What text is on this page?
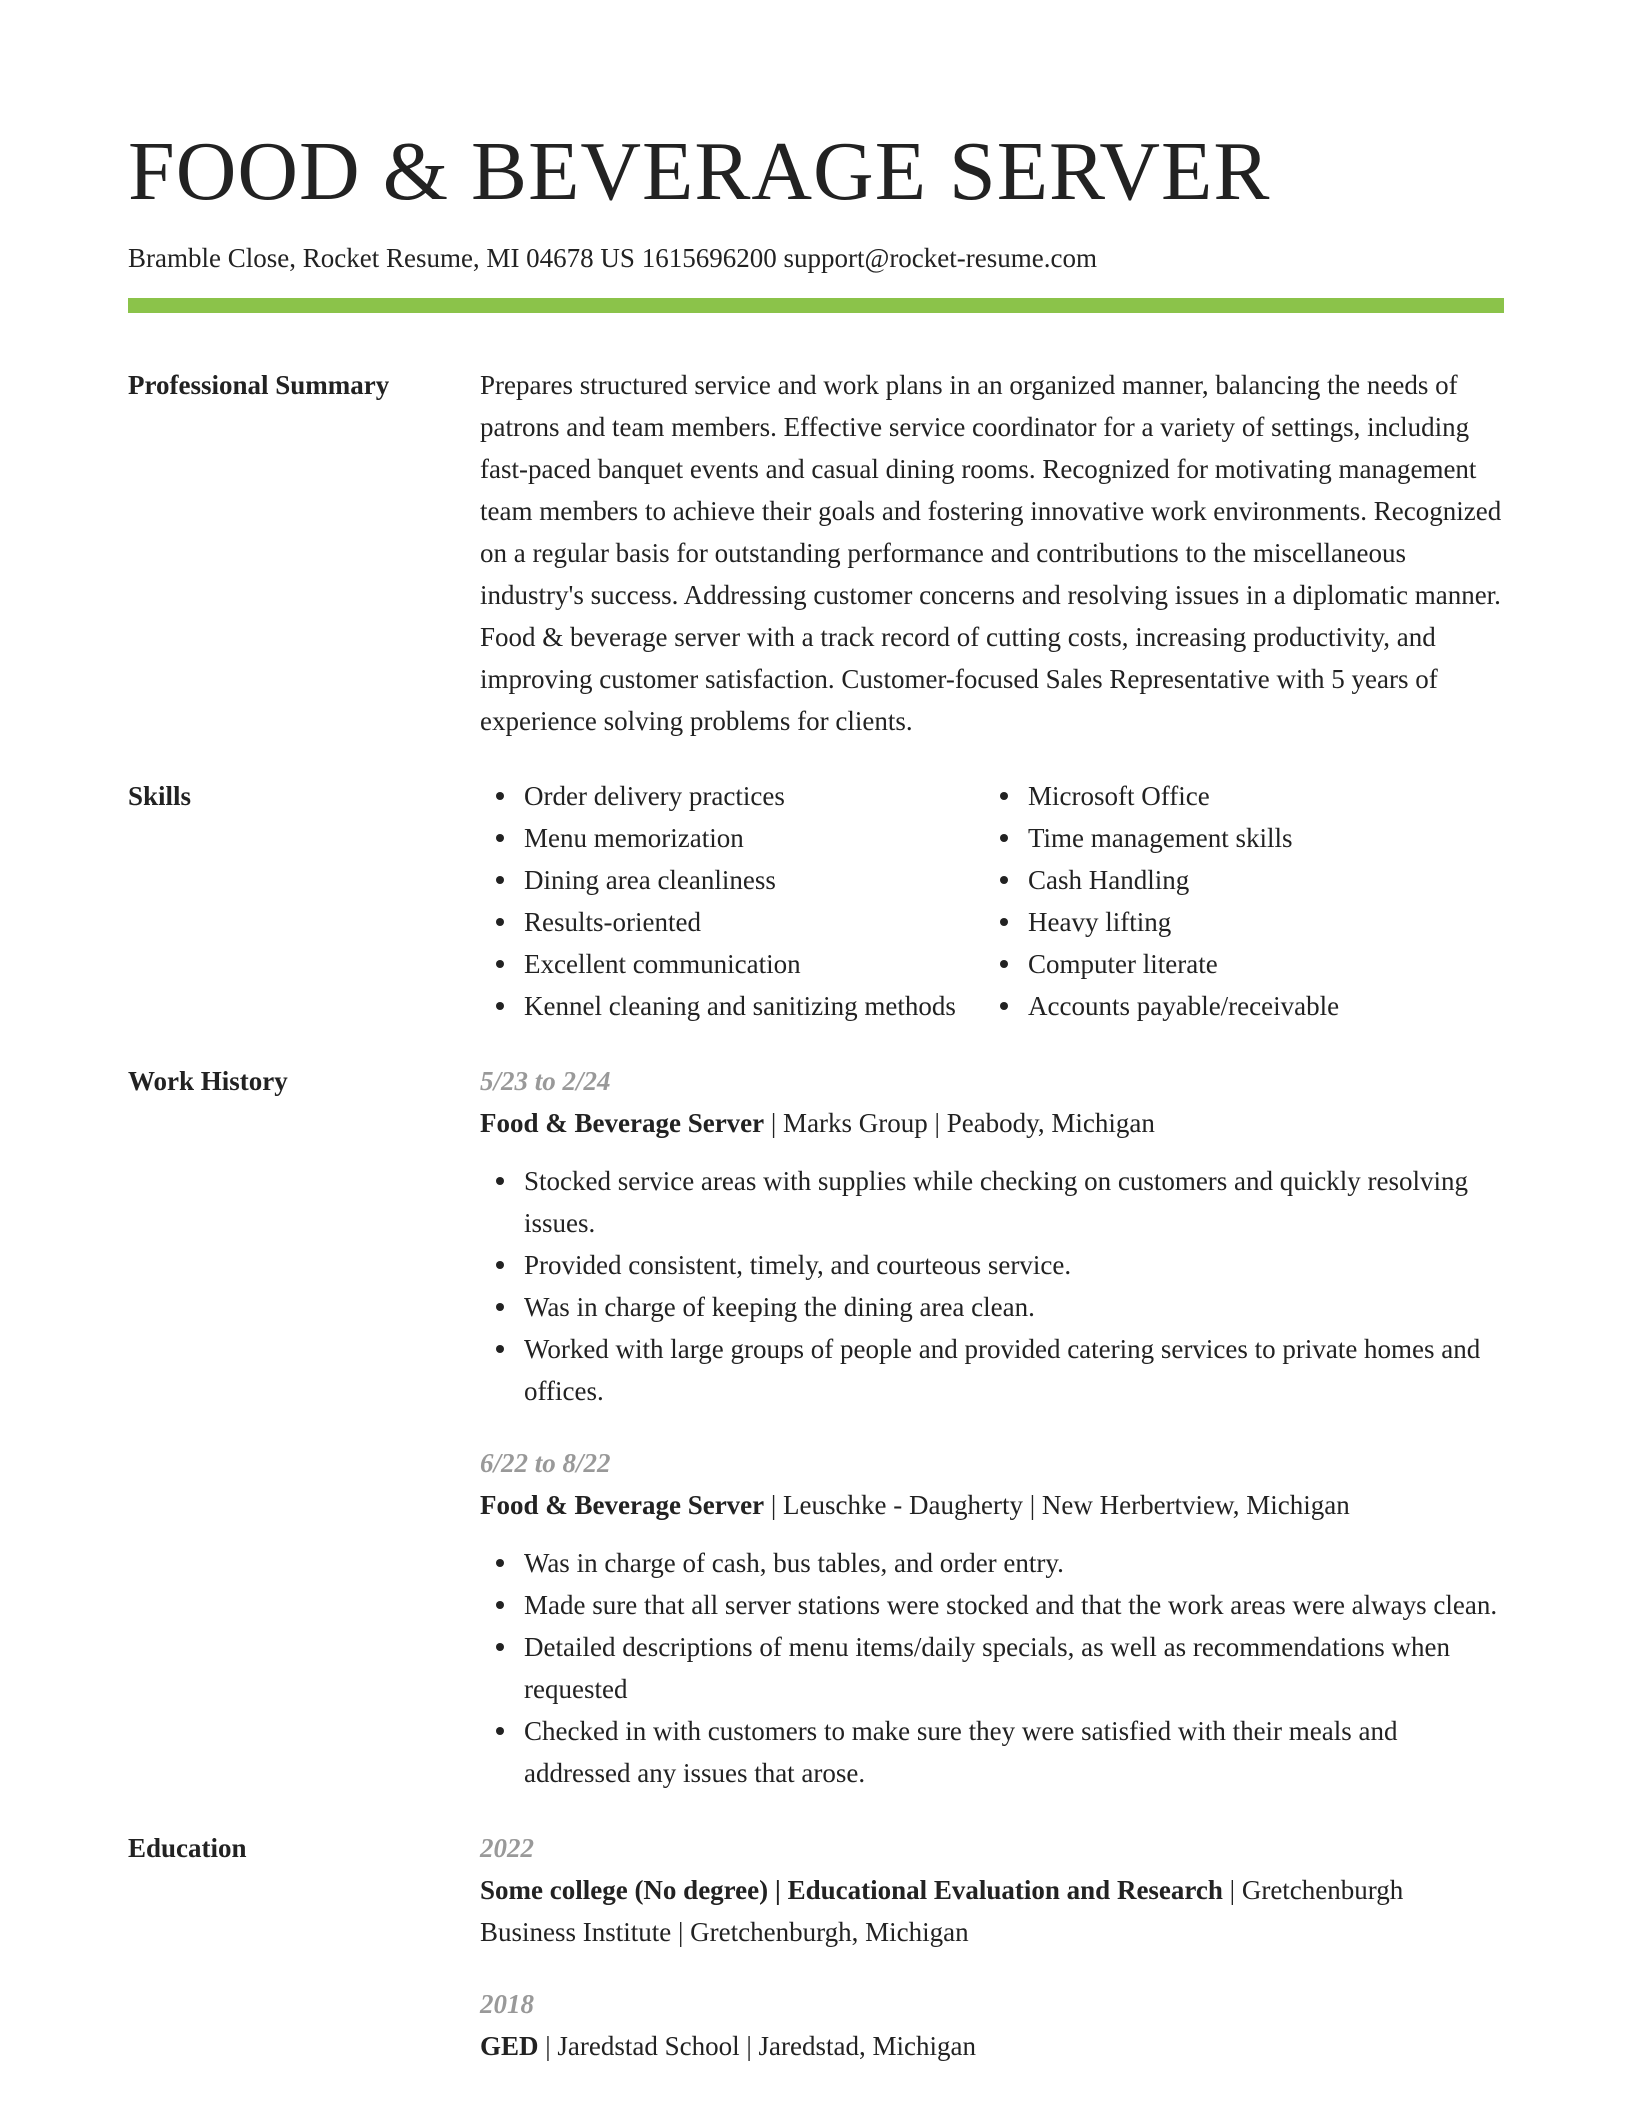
FOOD & BEVERAGE SERVER
Bramble Close, Rocket Resume, MI 04678 US 1615696200 support@rocket-resume.com
Professional Summary	Prepares structured service and work plans in an organized manner, balancing the needs of patrons and team members. Effective service coordinator for a variety of settings, including fast-paced banquet events and casual dining rooms. Recognized for motivating management team members to achieve their goals and fostering innovative work environments. Recognized on a regular basis for outstanding performance and contributions to the miscellaneous industry's success. Addressing customer concerns and resolving issues in a diplomatic manner. Food & beverage server with a track record of cutting costs, increasing productivity, and improving customer satisfaction. Customer-focused Sales Representative with 5 years of experience solving problems for clients.

Skills	Order delivery practices
Menu memorization
Dining area cleanliness
Results-oriented
Excellent communication
Kennel cleaning and sanitizing methods
Microsoft Office
Time management skills
Cash Handling
Heavy lifting
Computer literate
Accounts payable/receivable
Work History	5/23 to 2/24
Food & Beverage Server | Marks Group | Peabody, Michigan
Stocked service areas with supplies while checking on customers and quickly resolving issues.
Provided consistent, timely, and courteous service.
Was in charge of keeping the dining area clean.
Worked with large groups of people and provided catering services to private homes and offices.
6/22 to 8/22
Food & Beverage Server | Leuschke - Daugherty | New Herbertview, Michigan
Was in charge of cash, bus tables, and order entry.
Made sure that all server stations were stocked and that the work areas were always clean.
Detailed descriptions of menu items/daily specials, as well as recommendations when requested
Checked in with customers to make sure they were satisfied with their meals and addressed any issues that arose.
Education	2022
Some college (No degree) | Educational Evaluation and Research | Gretchenburgh Business Institute | Gretchenburgh, Michigan
2018
GED | Jaredstad School | Jaredstad, Michigan
